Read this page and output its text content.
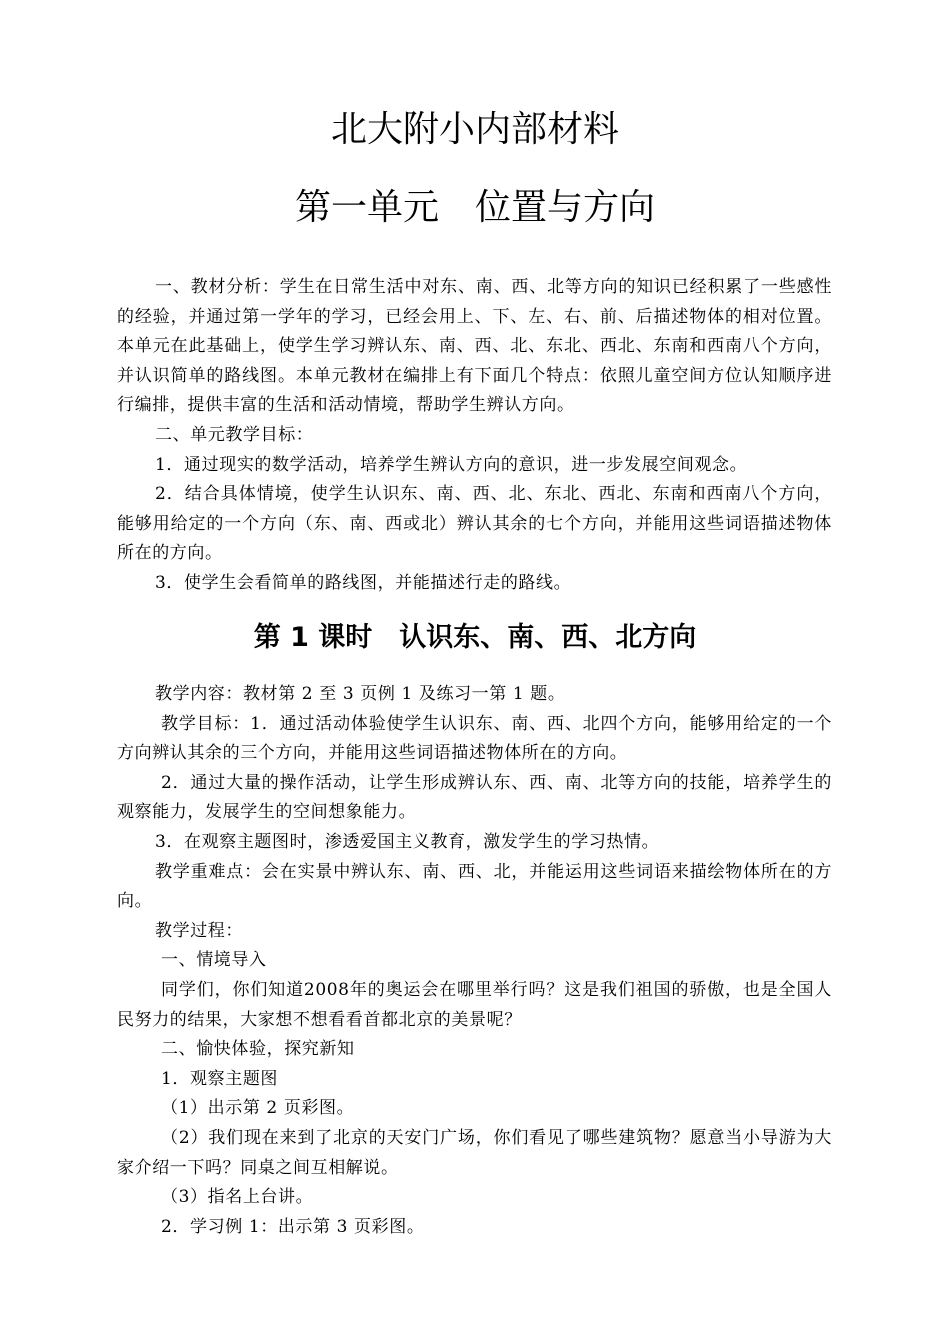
北大附小内部材料
第一单元　位置与方向

一、教材分析：学生在日常生活中对东、南、西、北等方向的知识已经积累了一些感性的经验，并通过第一学年的学习，已经会用上、下、左、右、前、后描述物体的相对位置。本单元在此基础上，使学生学习辨认东、南、西、北、东北、西北、东南和西南八个方向，并认识简单的路线图。本单元教材在编排上有下面几个特点：依照儿童空间方位认知顺序进行编排，提供丰富的生活和活动情境，帮助学生辨认方向。

二、单元教学目标：

1．通过现实的数学活动，培养学生辨认方向的意识，进一步发展空间观念。

2．结合具体情境，使学生认识东、南、西、北、东北、西北、东南和西南八个方向，能够用给定的一个方向（东、南、西或北）辨认其余的七个方向，并能用这些词语描述物体所在的方向。

3．使学生会看简单的路线图，并能描述行走的路线。

第 1 课时　认识东、南、西、北方向

教学内容：教材第 2 至 3 页例 1 及练习一第 1 题。

教学目标：1．通过活动体验使学生认识东、南、西、北四个方向，能够用给定的一个方向辨认其余的三个方向，并能用这些词语描述物体所在的方向。

2．通过大量的操作活动，让学生形成辨认东、西、南、北等方向的技能，培养学生的观察能力，发展学生的空间想象能力。

3．在观察主题图时，渗透爱国主义教育，激发学生的学习热情。

教学重难点：会在实景中辨认东、南、西、北，并能运用这些词语来描绘物体所在的方向。

教学过程：

一、情境导入

同学们，你们知道2008年的奥运会在哪里举行吗？这是我们祖国的骄傲，也是全国人民努力的结果，大家想不想看看首都北京的美景呢？

二、愉快体验，探究新知

1．观察主题图

（1）出示第 2 页彩图。

（2）我们现在来到了北京的天安门广场，你们看见了哪些建筑物？愿意当小导游为大家介绍一下吗？同桌之间互相解说。

（3）指名上台讲。

2．学习例 1：出示第 3 页彩图。
